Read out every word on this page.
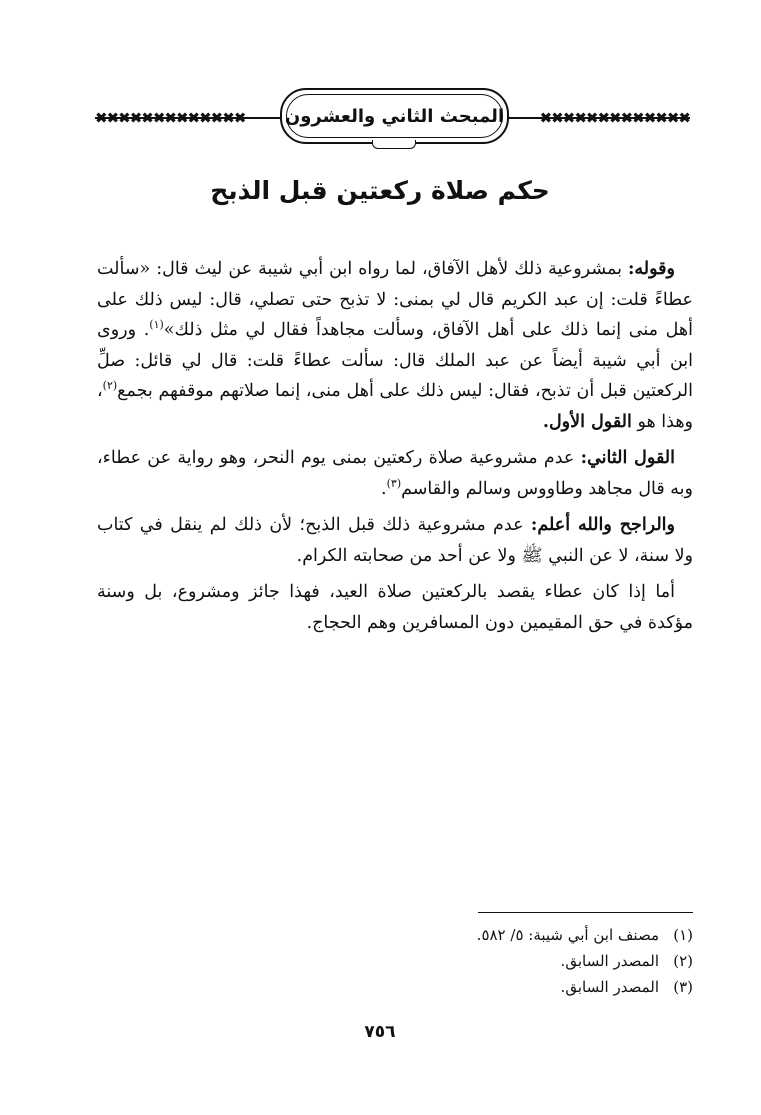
✖✖✖✖✖✖✖✖✖✖✖✖✖	✖✖✖✖✖✖✖✖✖✖✖✖✖
المبحث الثاني والعشرون
حكم صلاة ركعتين قبل الذبح

وقوله: بمشروعية ذلك لأهل الآفاق، لما رواه ابن أبي شيبة عن ليث قال: «سألت عطاءً قلت: إن عبد الكريم قال لي بمنى: لا تذبح حتى تصلي، قال: ليس ذلك على أهل منى إنما ذلك على أهل الآفاق، وسألت مجاهداً فقال لي مثل ذلك»$^{(١)}$. وروى ابن أبي شيبة أيضاً عن عبد الملك قال: سألت عطاءً قلت: قال لي قائل: صلِّ الركعتين قبل أن تذبح، فقال: ليس ذلك على أهل منى، إنما صلاتهم موقفهم بجمع$^{(٢)}$، وهذا هو القول الأول.

القول الثاني: عدم مشروعية صلاة ركعتين بمنى يوم النحر، وهو رواية عن عطاء، وبه قال مجاهد وطاووس وسالم والقاسم$^{(٣)}$.

والراجح والله أعلم: عدم مشروعية ذلك قبل الذبح؛ لأن ذلك لم ينقل في كتاب ولا سنة، لا عن النبي ﷺ ولا عن أحد من صحابته الكرام.

أما إذا كان عطاء يقصد بالركعتين صلاة العيد، فهذا جائز ومشروع، بل وسنة مؤكدة في حق المقيمين دون المسافرين وهم الحجاج.

(١)
مصنف ابن أبي شيبة: ٥/ ٥٨٢.
(٢)
المصدر السابق.
(٣)
المصدر السابق.
٧٥٦
